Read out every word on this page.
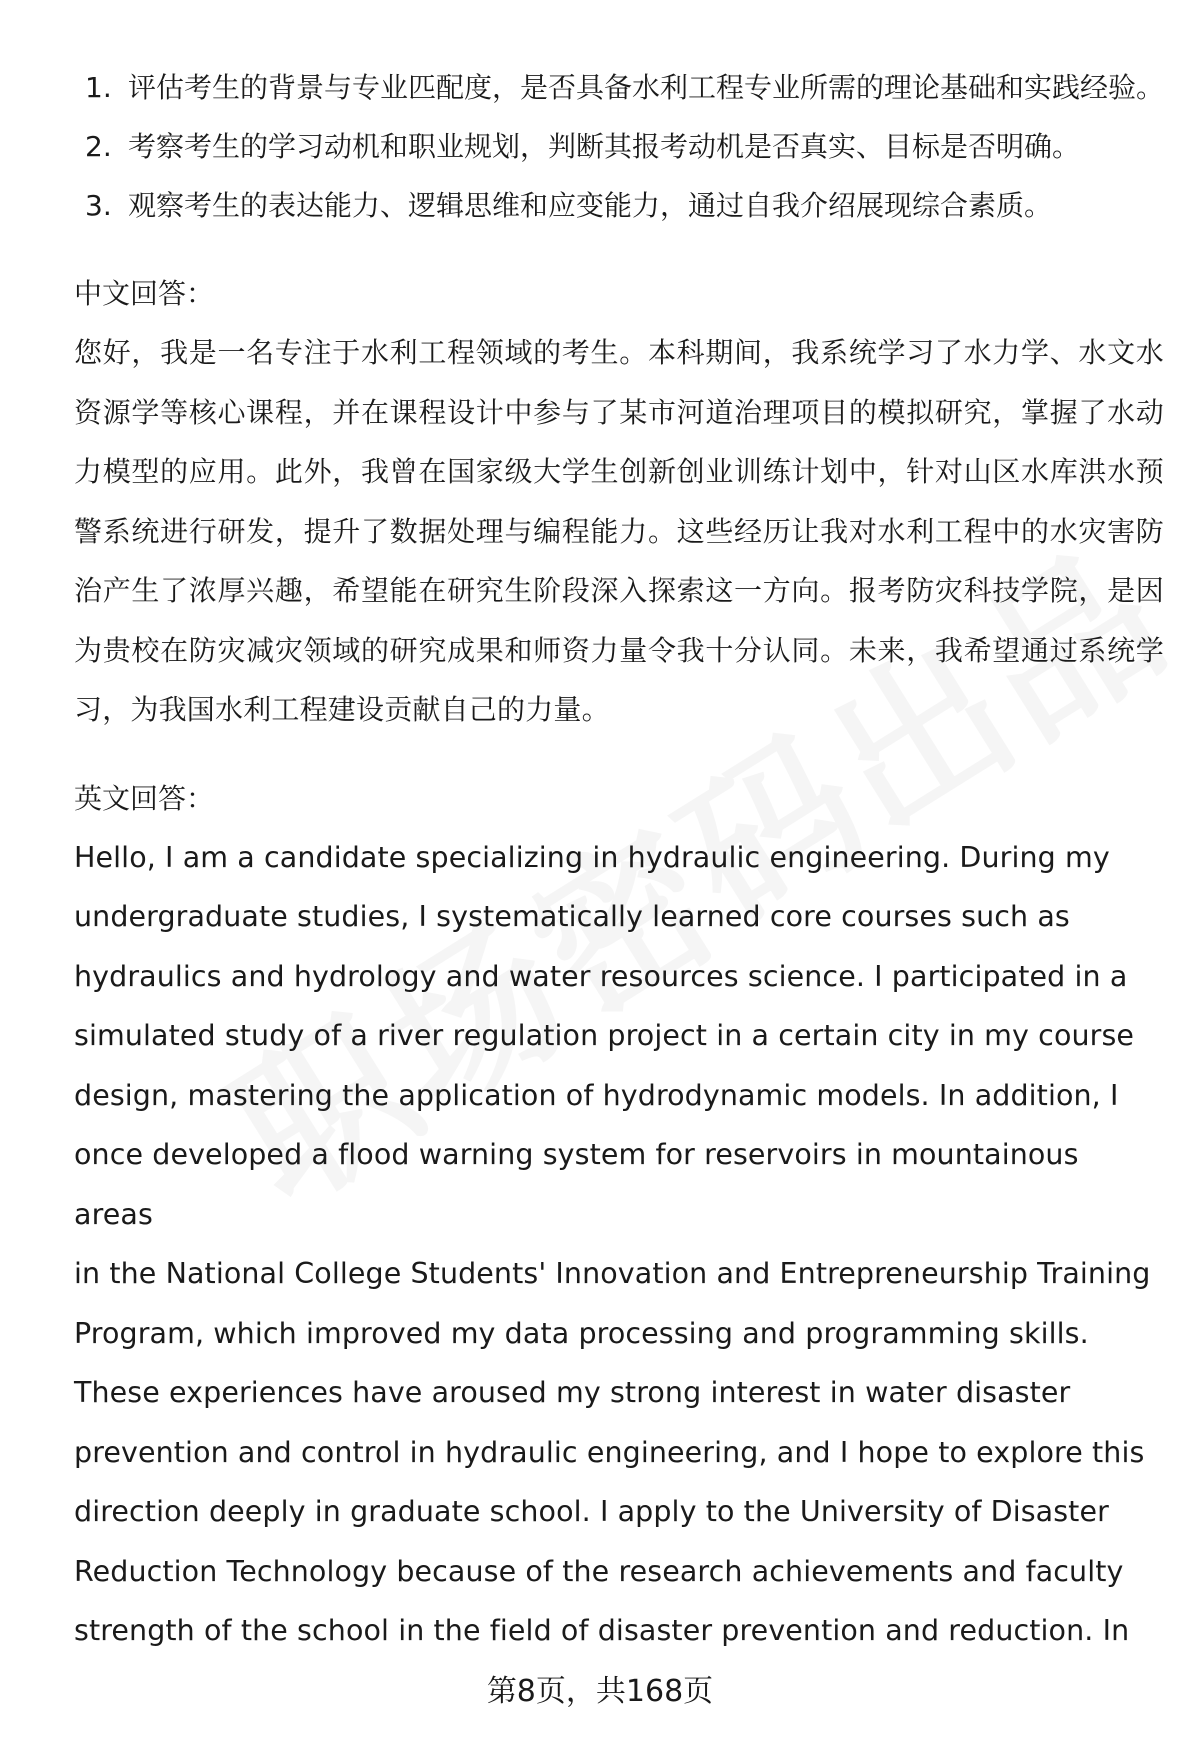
1. 评估考生的背景与专业匹配度，是否具备水利工程专业所需的理论基础和实践经验。
2. 考察考生的学习动机和职业规划，判断其报考动机是否真实、目标是否明确。
3. 观察考生的表达能力、逻辑思维和应变能力，通过自我介绍展现综合素质。

中文回答：

您好，我是一名专注于水利工程领域的考生。本科期间，我系统学习了水力学、水文水资源学等核心课程，并在课程设计中参与了某市河道治理项目的模拟研究，掌握了水动力模型的应用。此外，我曾在国家级大学生创新创业训练计划中，针对山区水库洪水预警系统进行研发，提升了数据处理与编程能力。这些经历让我对水利工程中的水灾害防治产生了浓厚兴趣，希望能在研究生阶段深入探索这一方向。报考防灾科技学院，是因为贵校在防灾减灾领域的研究成果和师资力量令我十分认同。未来，我希望通过系统学习，为我国水利工程建设贡献自己的力量。

英文回答：

Hello, I am a candidate specializing in hydraulic engineering. During my
undergraduate studies, I systematically learned core courses such as
hydraulics and hydrology and water resources science. I participated in a
simulated study of a river regulation project in a certain city in my course
design, mastering the application of hydrodynamic models. In addition, I
once developed a flood warning system for reservoirs in mountainous areas
in the National College Students' Innovation and Entrepreneurship Training
Program, which improved my data processing and programming skills.
These experiences have aroused my strong interest in water disaster
prevention and control in hydraulic engineering, and I hope to explore this
direction deeply in graduate school. I apply to the University of Disaster
Reduction Technology because of the research achievements and faculty
strength of the school in the field of disaster prevention and reduction. In
第8页，共168页
